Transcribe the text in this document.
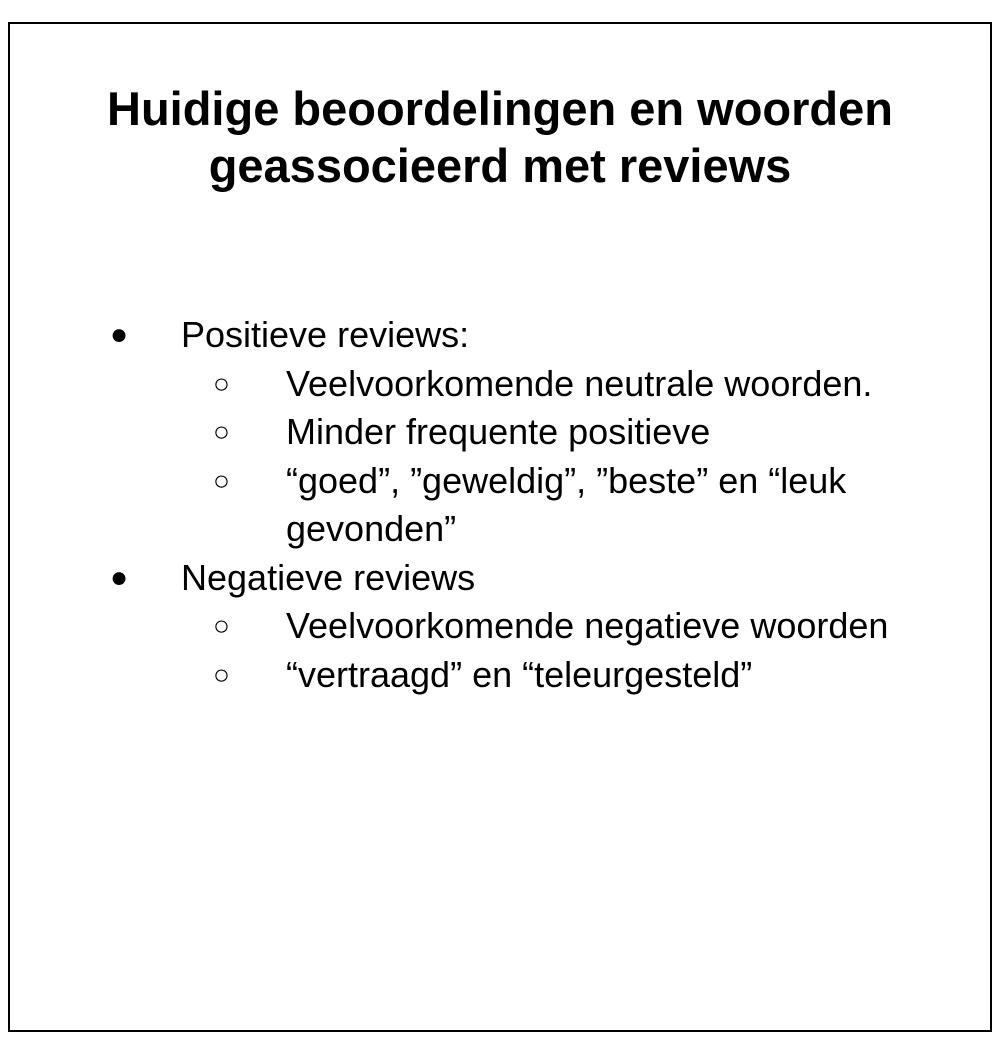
Huidige beoordelingen en woorden
geassocieerd met reviews
● Positieve reviews:
○ Veelvoorkomende neutrale woorden.
○ Minder frequente positieve
○ “goed”, ”geweldig”, ”beste” en “leuk gevonden”
● Negatieve reviews
○ Veelvoorkomende negatieve woorden
○ “vertraagd” en “teleurgesteld”
